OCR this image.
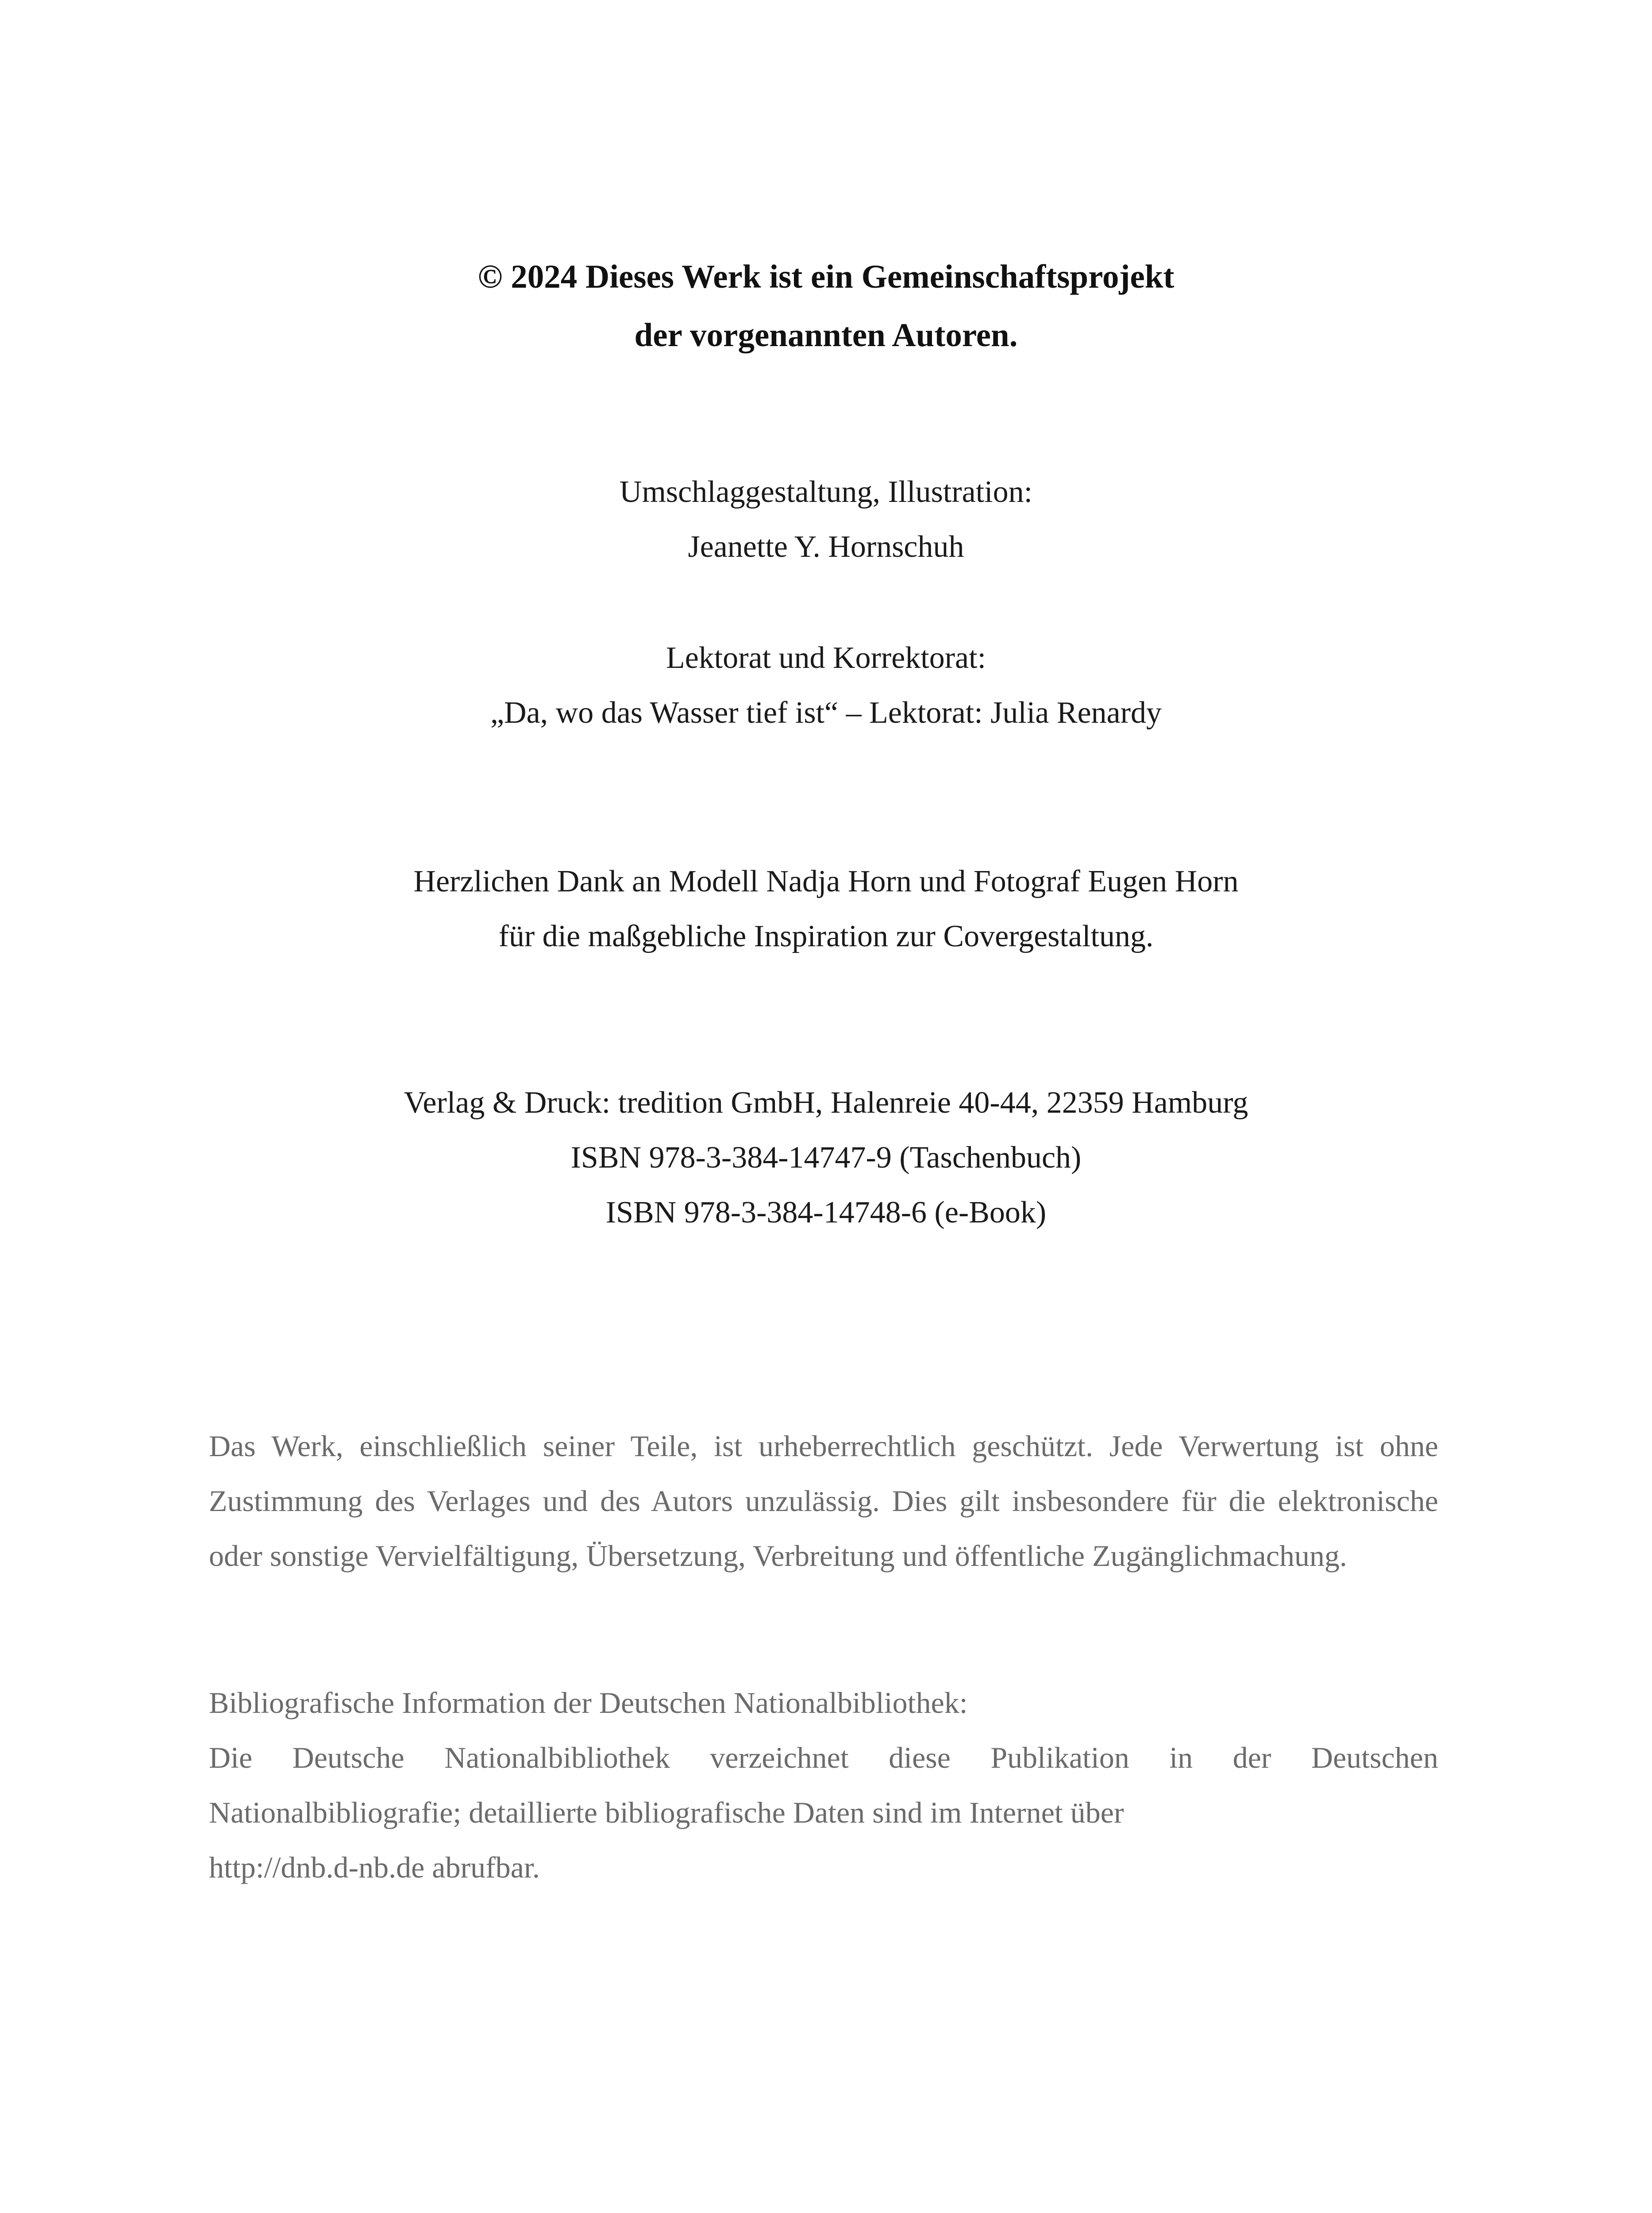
© 2024 Dieses Werk ist ein Gemeinschaftsprojekt
der vorgenannten Autoren.
Umschlaggestaltung, Illustration:
Jeanette Y. Hornschuh
Lektorat und Korrektorat:
„Da, wo das Wasser tief ist“ – Lektorat: Julia Renardy
Herzlichen Dank an Modell Nadja Horn und Fotograf Eugen Horn
für die maßgebliche Inspiration zur Covergestaltung.
Verlag & Druck: tredition GmbH, Halenreie 40-44, 22359 Hamburg
ISBN 978-3-384-14747-9 (Taschenbuch)
ISBN 978-3-384-14748-6 (e-Book)

Das Werk, einschließlich seiner Teile, ist urheberrechtlich geschützt. Jede Verwertung ist ohne Zustimmung des Verlages und des Autors unzulässig. Dies gilt insbesondere für die elektronische oder sonstige Vervielfältigung, Übersetzung, Verbreitung und öffentliche Zugänglichmachung.

Bibliografische Information der Deutschen Nationalbibliothek:
Die Deutsche Nationalbibliothek verzeichnet diese Publikation in der Deutschen
Nationalbibliografie; detaillierte bibliografische Daten sind im Internet über
http://dnb.d-nb.de abrufbar.
